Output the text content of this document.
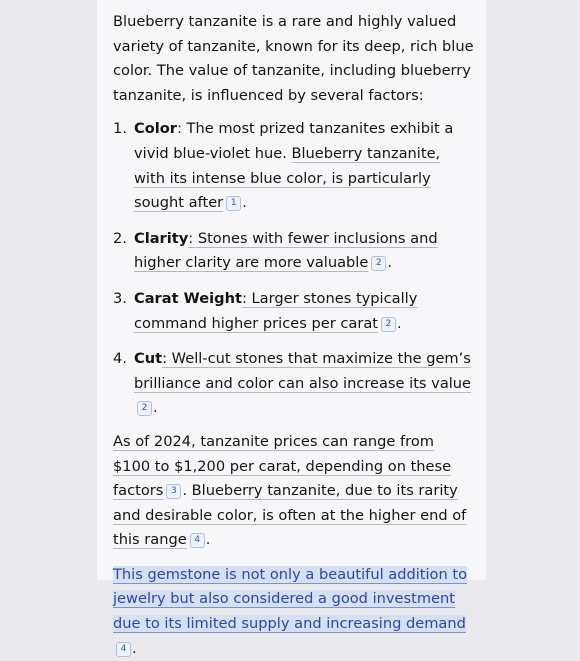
Blueberry tanzanite is a rare and highly valued variety of tanzanite, known for its deep, rich blue color. The value of tanzanite, including blueberry tanzanite, is influenced by several factors:

1. Color: The most prized tanzanites exhibit a vivid blue-violet hue. Blueberry tanzanite, with its intense blue color, is particularly sought after 1 .
2. Clarity: Stones with fewer inclusions and higher clarity are more valuable 2 .
3. Carat Weight: Larger stones typically command higher prices per carat 2 .
4. Cut: Well-cut stones that maximize the gem’s brilliance and color can also increase its value2 .

As of 2024, tanzanite prices can range from $100 to $1,200 per carat, depending on these factors 3 . Blueberry tanzanite, due to its rarity and desirable color, is often at the higher end of this range 4 .

This gemstone is not only a beautiful addition to jewelry but also considered a good investment due to its limited supply and increasing demand4 .
